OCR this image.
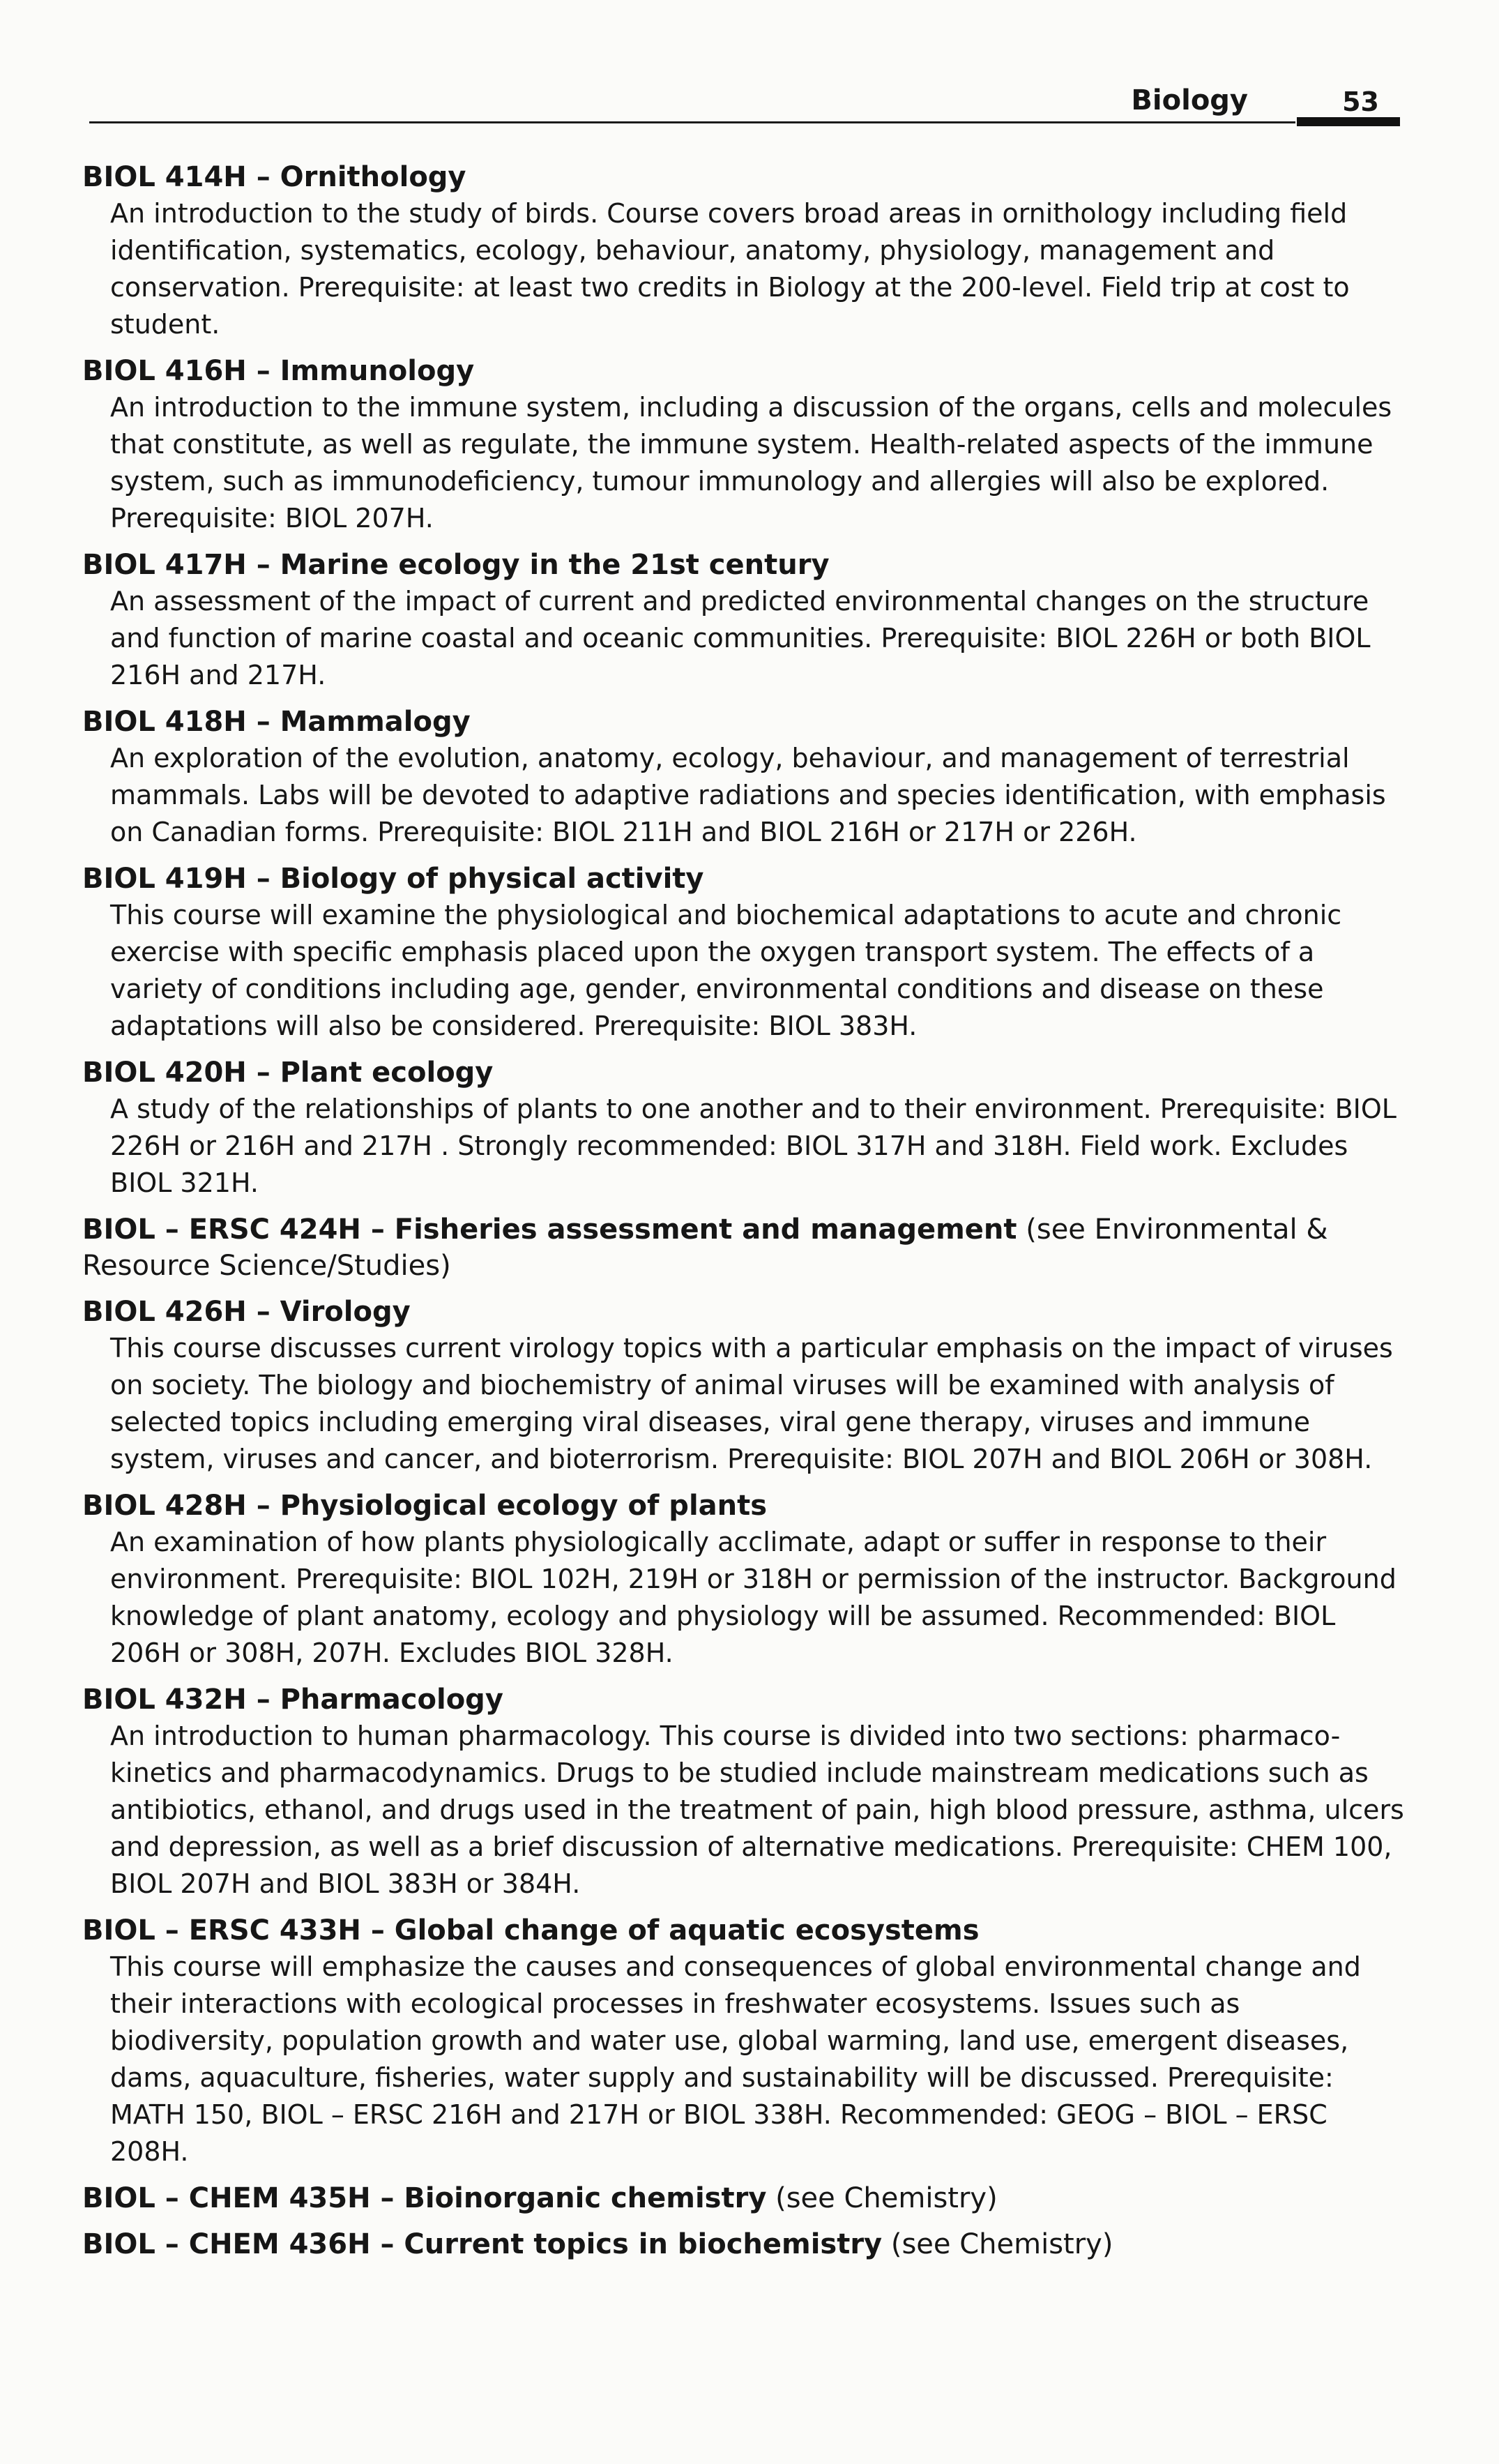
Biology	53
BIOL 414H – Ornithology
An introduction to the study of birds. Course covers broad areas in ornithology including field identification, systematics, ecology, behaviour, anatomy, physiology, management and conservation. Prerequisite: at least two credits in Biology at the 200-level. Field trip at cost to student.
BIOL 416H – Immunology
An introduction to the immune system, including a discussion of the organs, cells and molecules that constitute, as well as regulate, the immune system. Health-related aspects of the immune system, such as immunodeficiency, tumour immunology and allergies will also be explored. Prerequisite: BIOL 207H.
BIOL 417H – Marine ecology in the 21st century
An assessment of the impact of current and predicted environmental changes on the structure and function of marine coastal and oceanic communities. Prerequisite: BIOL 226H or both BIOL 216H and 217H.
BIOL 418H – Mammalogy
An exploration of the evolution, anatomy, ecology, behaviour, and management of terrestrial mammals. Labs will be devoted to adaptive radiations and species identification, with emphasis on Canadian forms. Prerequisite: BIOL 211H and BIOL 216H or 217H or 226H.
BIOL 419H – Biology of physical activity
This course will examine the physiological and biochemical adaptations to acute and chronic exercise with specific emphasis placed upon the oxygen transport system. The effects of a variety of conditions including age, gender, environmental conditions and disease on these adaptations will also be considered. Prerequisite: BIOL 383H.
BIOL 420H – Plant ecology
A study of the relationships of plants to one another and to their environment. Prerequisite: BIOL 226H or 216H and 217H . Strongly recommended: BIOL 317H and 318H. Field work. Excludes BIOL 321H.
BIOL – ERSC 424H – Fisheries assessment and management (see Environmental & Resource Science/Studies)
BIOL 426H – Virology
This course discusses current virology topics with a particular emphasis on the impact of viruses on society. The biology and biochemistry of animal viruses will be examined with analysis of selected topics including emerging viral diseases, viral gene therapy, viruses and immune system, viruses and cancer, and bioterrorism. Prerequisite: BIOL 207H and BIOL 206H or 308H.
BIOL 428H – Physiological ecology of plants
An examination of how plants physiologically acclimate, adapt or suffer in response to their environment. Prerequisite: BIOL 102H, 219H or 318H or permission of the instructor. Background knowledge of plant anatomy, ecology and physiology will be assumed. Recommended: BIOL 206H or 308H, 207H. Excludes BIOL 328H.
BIOL 432H – Pharmacology
An introduction to human pharmacology. This course is divided into two sections: pharmaco-kinetics and pharmacodynamics. Drugs to be studied include mainstream medications such as antibiotics, ethanol, and drugs used in the treatment of pain, high blood pressure, asthma, ulcers and depression, as well as a brief discussion of alternative medications. Prerequisite: CHEM 100, BIOL 207H and BIOL 383H or 384H.
BIOL – ERSC 433H – Global change of aquatic ecosystems
This course will emphasize the causes and consequences of global environmental change and their interactions with ecological processes in freshwater ecosystems. Issues such as biodiversity, population growth and water use, global warming, land use, emergent diseases, dams, aquaculture, fisheries, water supply and sustainability will be discussed. Prerequisite: MATH 150, BIOL – ERSC 216H and 217H or BIOL 338H. Recommended: GEOG – BIOL – ERSC 208H.
BIOL – CHEM 435H – Bioinorganic chemistry (see Chemistry)
BIOL – CHEM 436H – Current topics in biochemistry (see Chemistry)
